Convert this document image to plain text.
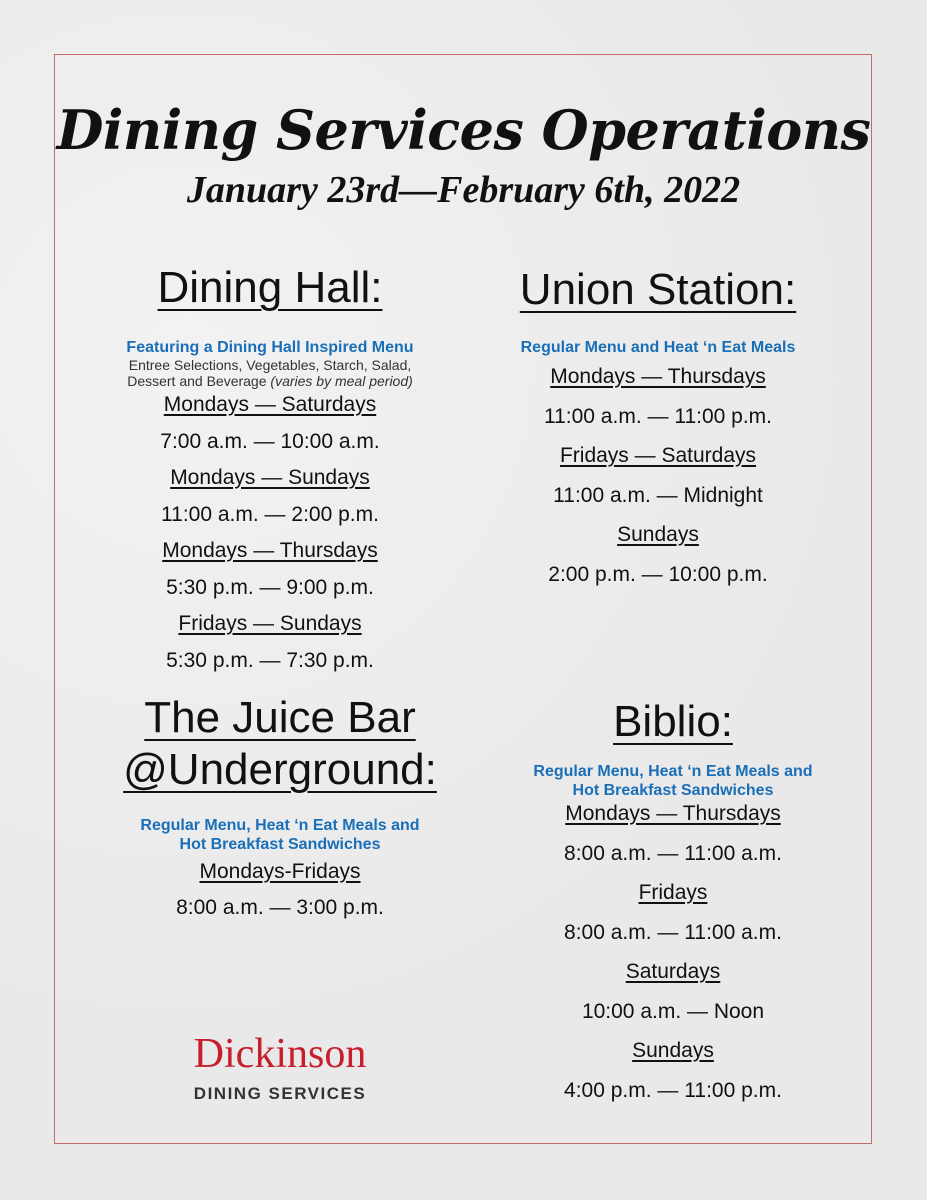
Dining Services Operations
January 23rd—February 6th, 2022

Dining Hall:

Featuring a Dining Hall Inspired Menu

Entree Selections, Vegetables, Starch, Salad,

Dessert and Beverage (varies by meal period)

Mondays — Saturdays

7:00 a.m. — 10:00 a.m.

Mondays — Sundays

11:00 a.m. — 2:00 p.m.

Mondays — Thursdays

5:30 p.m. — 9:00 p.m.

Fridays — Sundays

5:30 p.m. — 7:30 p.m.

Union Station:

Regular Menu and Heat ‘n Eat Meals

Mondays — Thursdays

11:00 a.m. — 11:00 p.m.

Fridays — Saturdays

11:00 a.m. — Midnight

Sundays

2:00 p.m. — 10:00 p.m.

The Juice Bar

@Underground:

Regular Menu, Heat ‘n Eat Meals and

Hot Breakfast Sandwiches

Mondays-Fridays

8:00 a.m. — 3:00 p.m.

Biblio:

Regular Menu, Heat ‘n Eat Meals and

Hot Breakfast Sandwiches

Mondays — Thursdays

8:00 a.m. — 11:00 a.m.

Fridays

8:00 a.m. — 11:00 a.m.

Saturdays

10:00 a.m. — Noon

Sundays

4:00 p.m. — 11:00 p.m.

Dickinson

DINING SERVICES
